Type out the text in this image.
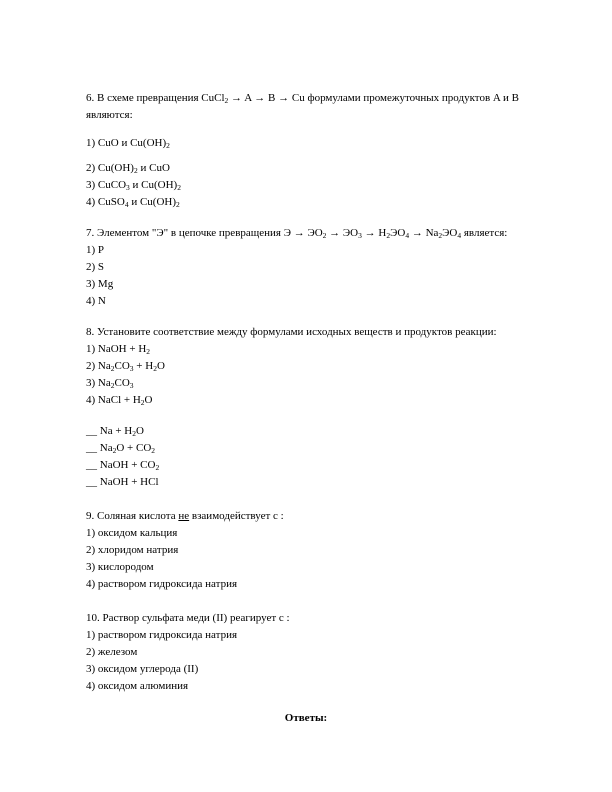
6. В схеме превращения CuCl$_2$ → A → B → Cu формулами промежуточных продуктов A и B
являются:
1) CuO и $Cu(OH)_2$
2) $Cu(OH)_2$ и CuO
3) CuCO$_3$ и $Cu(OH)_2$
4) CuSO$_4$ и $Cu(OH)_2$
7. Элементом "Э" в цепочке превращения $Э \to ЭO_2 \to ЭO_3 \to H_2ЭO_4 \to Na_2ЭO_4$ является:
1) P
2) S
3) Mg
4) N
8. Установите соответствие между формулами исходных веществ и продуктов реакции:
1) NaOH + $H_2$
2) $Na_2CO_3 + H_2O$
3) $Na_2CO_3$
4) NaCl + $H_2O$
__ $Na + H_2O$
__ $Na_2O + CO_2$
__ NaOH + $CO_2$
__ NaOH + HCl
9. Соляная кислота не взаимодействует с :
1) оксидом кальция
2) хлоридом натрия
3) кислородом
4) раствором гидроксида натрия
10. Раствор сульфата меди (II) реагирует с :
1) раствором гидроксида натрия
2) железом
3) оксидом углерода (II)
4) оксидом алюминия
Ответы:
